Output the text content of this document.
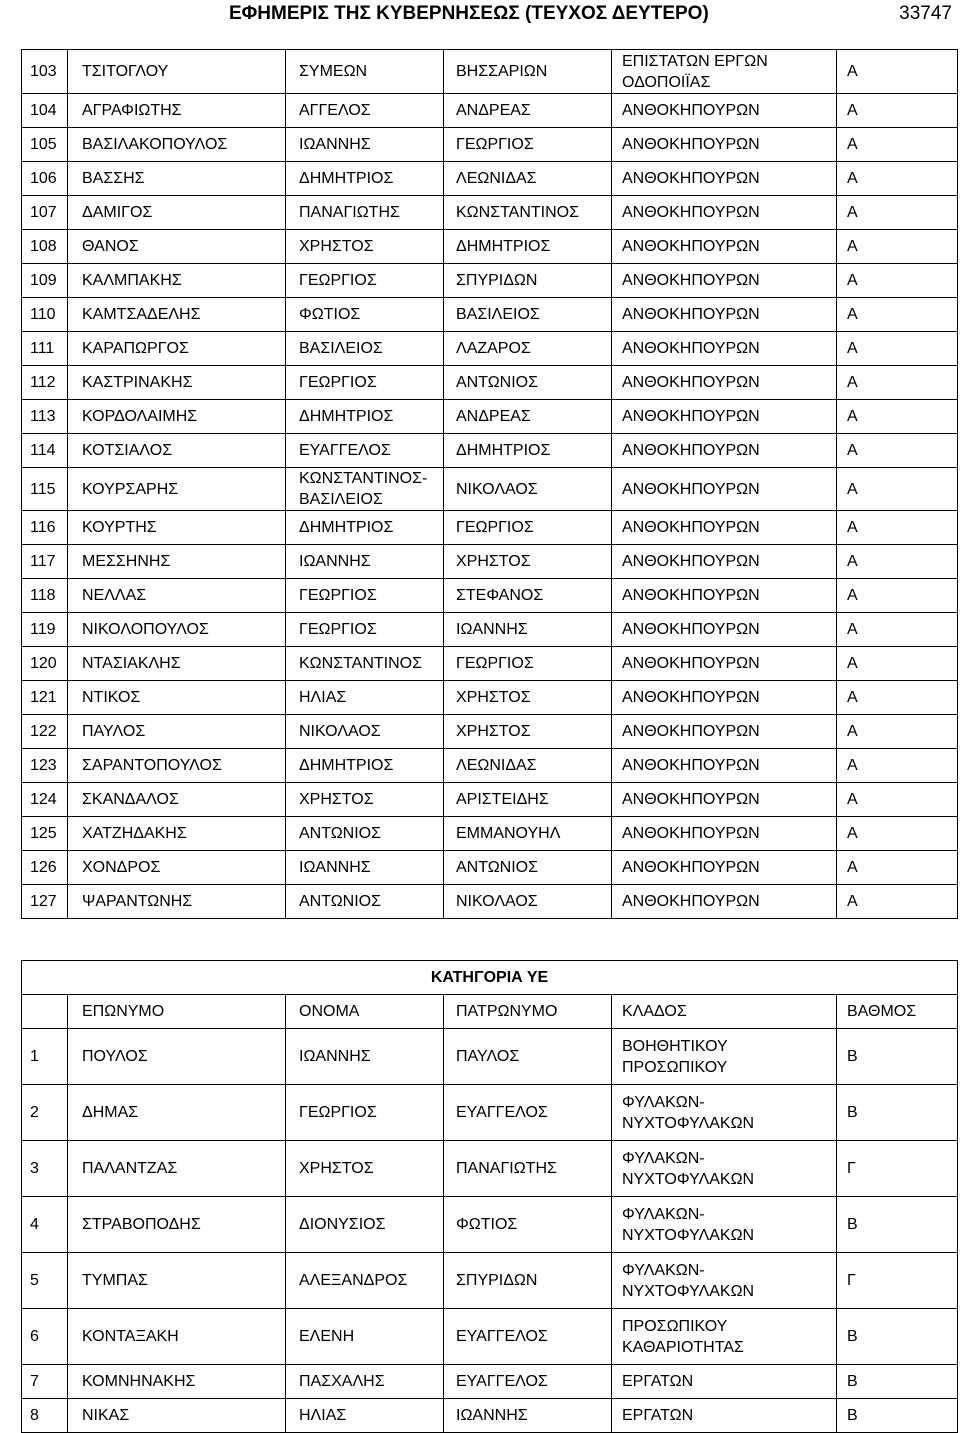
ΕΦΗΜΕΡΙΣ ΤΗΣ ΚΥΒΕΡΝΗΣΕΩΣ (ΤΕΥΧΟΣ ΔΕΥΤΕΡΟ)	33747
103	ΤΣΙΤΟΓΛΟΥ	ΣΥΜΕΩΝ	ΒΗΣΣΑΡΙΩΝ	ΕΠΙΣΤΑΤΩΝ ΕΡΓΩΝ
ΟΔΟΠΟΙΪΑΣ	Α
104	ΑΓΡΑΦΙΩΤΗΣ	ΑΓΓΕΛΟΣ	ΑΝΔΡΕΑΣ	ΑΝΘΟΚΗΠΟΥΡΩΝ	Α
105	ΒΑΣΙΛΑΚΟΠΟΥΛΟΣ	ΙΩΑΝΝΗΣ	ΓΕΩΡΓΙΟΣ	ΑΝΘΟΚΗΠΟΥΡΩΝ	Α
106	ΒΑΣΣΗΣ	ΔΗΜΗΤΡΙΟΣ	ΛΕΩΝΙΔΑΣ	ΑΝΘΟΚΗΠΟΥΡΩΝ	Α
107	ΔΑΜΙΓΟΣ	ΠΑΝΑΓΙΩΤΗΣ	ΚΩΝΣΤΑΝΤΙΝΟΣ	ΑΝΘΟΚΗΠΟΥΡΩΝ	Α
108	ΘΑΝΟΣ	ΧΡΗΣΤΟΣ	ΔΗΜΗΤΡΙΟΣ	ΑΝΘΟΚΗΠΟΥΡΩΝ	Α
109	ΚΑΛΜΠΑΚΗΣ	ΓΕΩΡΓΙΟΣ	ΣΠΥΡΙΔΩΝ	ΑΝΘΟΚΗΠΟΥΡΩΝ	Α
110	ΚΑΜΤΣΑΔΕΛΗΣ	ΦΩΤΙΟΣ	ΒΑΣΙΛΕΙΟΣ	ΑΝΘΟΚΗΠΟΥΡΩΝ	Α
111	ΚΑΡΑΠΩΡΓΟΣ	ΒΑΣΙΛΕΙΟΣ	ΛΑΖΑΡΟΣ	ΑΝΘΟΚΗΠΟΥΡΩΝ	Α
112	ΚΑΣΤΡΙΝΑΚΗΣ	ΓΕΩΡΓΙΟΣ	ΑΝΤΩΝΙΟΣ	ΑΝΘΟΚΗΠΟΥΡΩΝ	Α
113	ΚΟΡΔΟΛΑΙΜΗΣ	ΔΗΜΗΤΡΙΟΣ	ΑΝΔΡΕΑΣ	ΑΝΘΟΚΗΠΟΥΡΩΝ	Α
114	ΚΟΤΣΙΑΛΟΣ	ΕΥΑΓΓΕΛΟΣ	ΔΗΜΗΤΡΙΟΣ	ΑΝΘΟΚΗΠΟΥΡΩΝ	Α
115	ΚΟΥΡΣΑΡΗΣ	ΚΩΝΣΤΑΝΤΙΝΟΣ-
ΒΑΣΙΛΕΙΟΣ	ΝΙΚΟΛΑΟΣ	ΑΝΘΟΚΗΠΟΥΡΩΝ	Α
116	ΚΟΥΡΤΗΣ	ΔΗΜΗΤΡΙΟΣ	ΓΕΩΡΓΙΟΣ	ΑΝΘΟΚΗΠΟΥΡΩΝ	Α
117	ΜΕΣΣΗΝΗΣ	ΙΩΑΝΝΗΣ	ΧΡΗΣΤΟΣ	ΑΝΘΟΚΗΠΟΥΡΩΝ	Α
118	ΝΕΛΛΑΣ	ΓΕΩΡΓΙΟΣ	ΣΤΕΦΑΝΟΣ	ΑΝΘΟΚΗΠΟΥΡΩΝ	Α
119	ΝΙΚΟΛΟΠΟΥΛΟΣ	ΓΕΩΡΓΙΟΣ	ΙΩΑΝΝΗΣ	ΑΝΘΟΚΗΠΟΥΡΩΝ	Α
120	ΝΤΑΣΙΑΚΛΗΣ	ΚΩΝΣΤΑΝΤΙΝΟΣ	ΓΕΩΡΓΙΟΣ	ΑΝΘΟΚΗΠΟΥΡΩΝ	Α
121	ΝΤΙΚΟΣ	ΗΛΙΑΣ	ΧΡΗΣΤΟΣ	ΑΝΘΟΚΗΠΟΥΡΩΝ	Α
122	ΠΑΥΛΟΣ	ΝΙΚΟΛΑΟΣ	ΧΡΗΣΤΟΣ	ΑΝΘΟΚΗΠΟΥΡΩΝ	Α
123	ΣΑΡΑΝΤΟΠΟΥΛΟΣ	ΔΗΜΗΤΡΙΟΣ	ΛΕΩΝΙΔΑΣ	ΑΝΘΟΚΗΠΟΥΡΩΝ	Α
124	ΣΚΑΝΔΑΛΟΣ	ΧΡΗΣΤΟΣ	ΑΡΙΣΤΕΙΔΗΣ	ΑΝΘΟΚΗΠΟΥΡΩΝ	Α
125	ΧΑΤΖΗΔΑΚΗΣ	ΑΝΤΩΝΙΟΣ	ΕΜΜΑΝΟΥΗΛ	ΑΝΘΟΚΗΠΟΥΡΩΝ	Α
126	ΧΟΝΔΡΟΣ	ΙΩΑΝΝΗΣ	ΑΝΤΩΝΙΟΣ	ΑΝΘΟΚΗΠΟΥΡΩΝ	Α
127	ΨΑΡΑΝΤΩΝΗΣ	ΑΝΤΩΝΙΟΣ	ΝΙΚΟΛΑΟΣ	ΑΝΘΟΚΗΠΟΥΡΩΝ	Α
ΚΑΤΗΓΟΡΙΑ ΥΕ					
	ΕΠΩΝΥΜΟ	ΟΝΟΜΑ	ΠΑΤΡΩΝΥΜΟ	ΚΛΑΔΟΣ	ΒΑΘΜΟΣ
1	ΠΟΥΛΟΣ	ΙΩΑΝΝΗΣ	ΠΑΥΛΟΣ	ΒΟΗΘΗΤΙΚΟΥ
ΠΡΟΣΩΠΙΚΟΥ	Β
2	ΔΗΜΑΣ	ΓΕΩΡΓΙΟΣ	ΕΥΑΓΓΕΛΟΣ	ΦΥΛΑΚΩΝ-
ΝΥΧΤΟΦΥΛΑΚΩΝ	Β
3	ΠΑΛΑΝΤΖΑΣ	ΧΡΗΣΤΟΣ	ΠΑΝΑΓΙΩΤΗΣ	ΦΥΛΑΚΩΝ-
ΝΥΧΤΟΦΥΛΑΚΩΝ	Γ
4	ΣΤΡΑΒΟΠΟΔΗΣ	ΔΙΟΝΥΣΙΟΣ	ΦΩΤΙΟΣ	ΦΥΛΑΚΩΝ-
ΝΥΧΤΟΦΥΛΑΚΩΝ	Β
5	ΤΥΜΠΑΣ	ΑΛΕΞΑΝΔΡΟΣ	ΣΠΥΡΙΔΩΝ	ΦΥΛΑΚΩΝ-
ΝΥΧΤΟΦΥΛΑΚΩΝ	Γ
6	ΚΟΝΤΑΞΑΚΗ	ΕΛΕΝΗ	ΕΥΑΓΓΕΛΟΣ	ΠΡΟΣΩΠΙΚΟΥ
ΚΑΘΑΡΙΟΤΗΤΑΣ	Β
7	ΚΟΜΝΗΝΑΚΗΣ	ΠΑΣΧΑΛΗΣ	ΕΥΑΓΓΕΛΟΣ	ΕΡΓΑΤΩΝ	Β
8	ΝΙΚΑΣ	ΗΛΙΑΣ	ΙΩΑΝΝΗΣ	ΕΡΓΑΤΩΝ	Β
